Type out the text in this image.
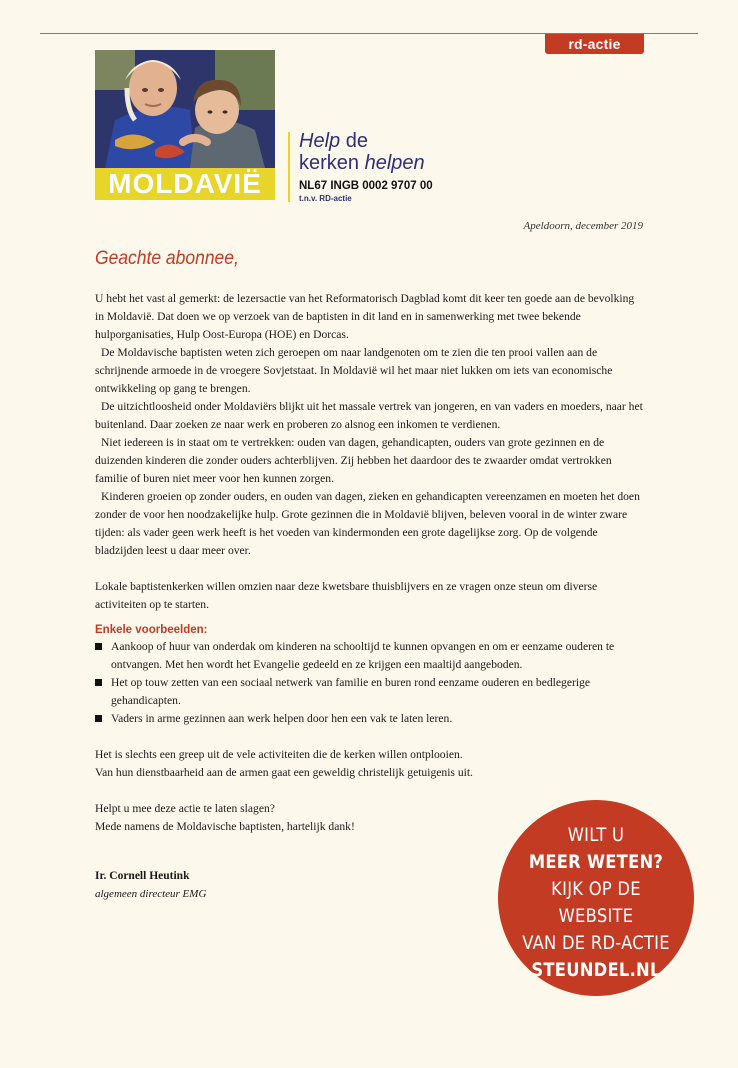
rd-actie
MOLDAVIË
Help de
kerken helpen
NL67 INGB 0002 9707 00
t.n.v. RD-actie
Apeldoorn, december 2019
Geachte abonnee,

U hebt het vast al gemerkt: de lezersactie van het Reformatorisch Dagblad komt dit keer ten goede aan de bevolking in Moldavië. Dat doen we op verzoek van de baptisten in dit land en in samenwerking met twee bekende hulporganisaties, Hulp Oost-Europa (HOE) en Dorcas.

De Moldavische baptisten weten zich geroepen om naar landgenoten om te zien die ten prooi vallen aan de schrijnende armoede in de vroegere Sovjetstaat. In Moldavië wil het maar niet lukken om iets van economische ontwikkeling op gang te brengen.

De uitzichtloosheid onder Moldaviërs blijkt uit het massale vertrek van jongeren, en van vaders en moeders, naar het buitenland. Daar zoeken ze naar werk en proberen zo alsnog een inkomen te verdienen.

Niet iedereen is in staat om te vertrekken: ouden van dagen, gehandicapten, ouders van grote gezinnen en de duizenden kinderen die zonder ouders achterblijven. Zij hebben het daardoor des te zwaarder omdat vertrokken familie of buren niet meer voor hen kunnen zorgen.

Kinderen groeien op zonder ouders, en ouden van dagen, zieken en gehandicapten vereenzamen en moeten het doen zonder de voor hen noodzakelijke hulp. Grote gezinnen die in Moldavië blijven, beleven vooral in de winter zware tijden: als vader geen werk heeft is het voeden van kindermonden een grote dagelijkse zorg. Op de volgende bladzijden leest u daar meer over.

Lokale baptistenkerken willen omzien naar deze kwetsbare thuisblijvers en ze vragen onze steun om diverse activiteiten op te starten.

Enkele voorbeelden:
Aankoop of huur van onderdak om kinderen na schooltijd te kunnen opvangen en om er eenzame ouderen te ontvangen. Met hen wordt het Evangelie gedeeld en ze krijgen een maaltijd aangeboden.
Het op touw zetten van een sociaal netwerk van familie en buren rond eenzame ouderen en bedlegerige gehandicapten.
Vaders in arme gezinnen aan werk helpen door hen een vak te laten leren.

Het is slechts een greep uit de vele activiteiten die de kerken willen ontplooien.

Van hun dienstbaarheid aan de armen gaat een geweldig christelijk getuigenis uit.

Helpt u mee deze actie te laten slagen?

Mede namens de Moldavische baptisten, hartelijk dank!

Ir. Cornell Heutink
algemeen directeur EMG
WILT U
MEER WETEN?
KIJK OP DE WEBSITE
VAN DE RD-ACTIE
STEUNDEL.NL
